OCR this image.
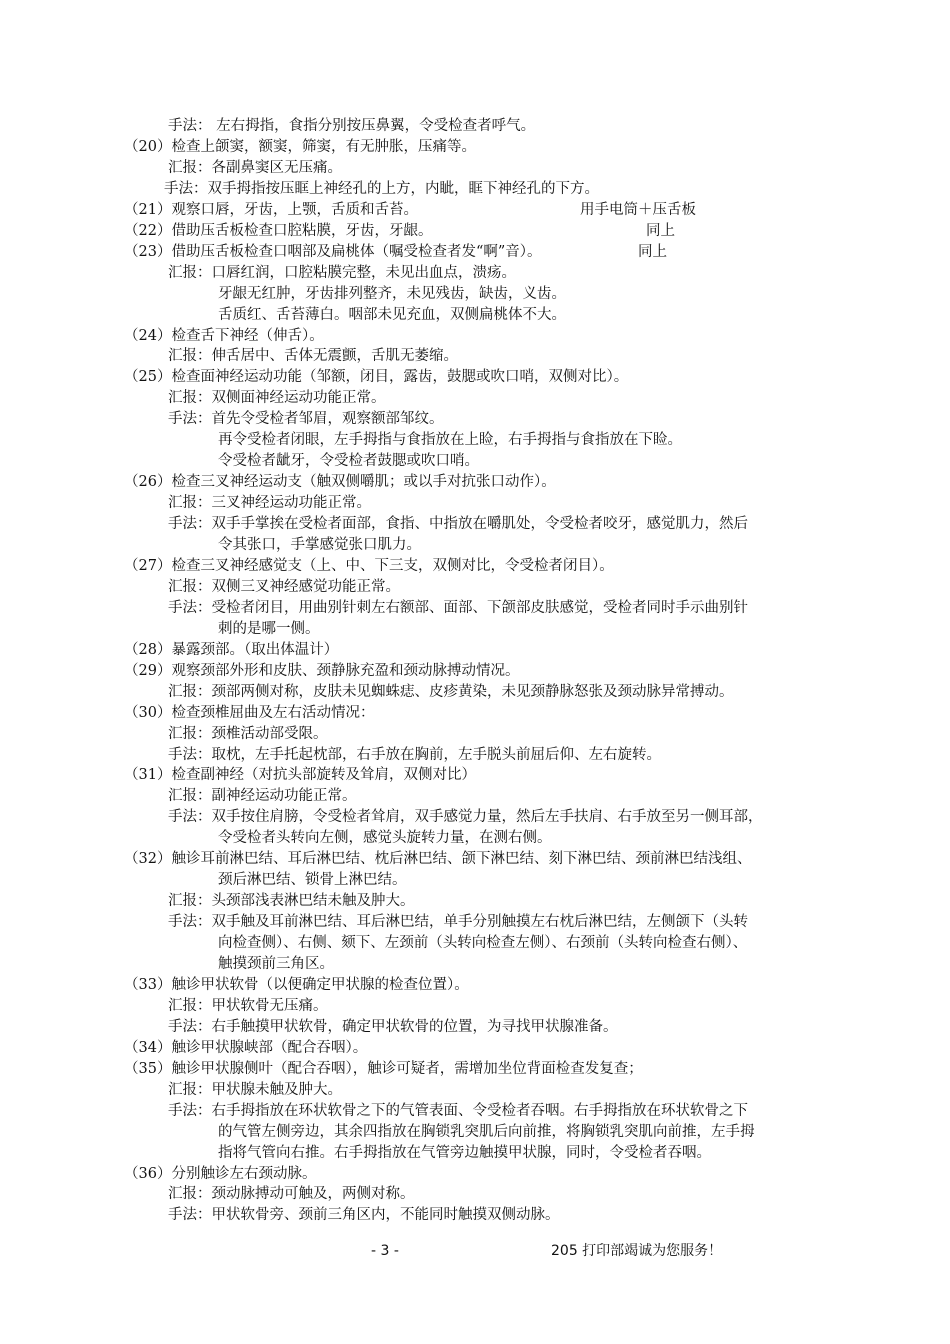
手法： 左右拇指，食指分别按压鼻翼，令受检查者呼气。
（20）检查上颌窦，额窦，筛窦，有无肿胀，压痛等。
汇报：各副鼻窦区无压痛。
手法：双手拇指按压眶上神经孔的上方，内眦，眶下神经孔的下方。
（21）观察口唇，牙齿，上颚，舌质和舌苔。	用手电筒＋压舌板
（22）借助压舌板检查口腔粘膜，牙齿，牙龈。	同上
（23）借助压舌板检查口咽部及扁桃体（嘱受检查者发“啊”音）。	同上
汇报：口唇红润，口腔粘膜完整，未见出血点，溃疡。
牙龈无红肿，牙齿排列整齐，未见残齿，缺齿，义齿。
舌质红、舌苔薄白。咽部未见充血，双侧扁桃体不大。
（24）检查舌下神经（伸舌）。
汇报：伸舌居中、舌体无震颤，舌肌无萎缩。
（25）检查面神经运动功能（邹额，闭目，露齿，鼓腮或吹口哨，双侧对比）。
汇报：双侧面神经运动功能正常。
手法：首先令受检者邹眉，观察额部邹纹。
再令受检者闭眼，左手拇指与食指放在上睑，右手拇指与食指放在下睑。
令受检者龇牙，令受检者鼓腮或吹口哨。
（26）检查三叉神经运动支（触双侧嚼肌；或以手对抗张口动作）。
汇报：三叉神经运动功能正常。
手法：双手手掌挨在受检者面部，食指、中指放在嚼肌处，令受检者咬牙，感觉肌力，然后
令其张口，手掌感觉张口肌力。
（27）检查三叉神经感觉支（上、中、下三支，双侧对比，令受检者闭目）。
汇报：双侧三叉神经感觉功能正常。
手法：受检者闭目，用曲别针刺左右额部、面部、下颌部皮肤感觉，受检者同时手示曲别针
刺的是哪一侧。
（28）暴露颈部。（取出体温计）
（29）观察颈部外形和皮肤、颈静脉充盈和颈动脉搏动情况。
汇报：颈部两侧对称，皮肤未见蜘蛛痣、皮疹黄染，未见颈静脉怒张及颈动脉异常搏动。
（30）检查颈椎屈曲及左右活动情况：
汇报：颈椎活动部受限。
手法：取枕，左手托起枕部，右手放在胸前，左手脱头前屈后仰、左右旋转。
（31）检查副神经（对抗头部旋转及耸肩，双侧对比）
汇报：副神经运动功能正常。
手法：双手按住肩膀，令受检者耸肩，双手感觉力量，然后左手扶肩、右手放至另一侧耳部，
令受检者头转向左侧，感觉头旋转力量，在测右侧。
（32）触诊耳前淋巴结、耳后淋巴结、枕后淋巴结、颌下淋巴结、刻下淋巴结、颈前淋巴结浅组、
颈后淋巴结、锁骨上淋巴结。
汇报：头颈部浅表淋巴结未触及肿大。
手法：双手触及耳前淋巴结、耳后淋巴结，单手分别触摸左右枕后淋巴结，左侧颌下（头转
向检查侧）、右侧、颏下、左颈前（头转向检查左侧）、右颈前（头转向检查右侧）、
触摸颈前三角区。
（33）触诊甲状软骨（以便确定甲状腺的检查位置）。
汇报：甲状软骨无压痛。
手法：右手触摸甲状软骨，确定甲状软骨的位置，为寻找甲状腺准备。
（34）触诊甲状腺峡部（配合吞咽）。
（35）触诊甲状腺侧叶（配合吞咽），触诊可疑者，需增加坐位背面检查发复查；
汇报：甲状腺未触及肿大。
手法：右手拇指放在环状软骨之下的气管表面、令受检者吞咽。右手拇指放在环状软骨之下
的气管左侧旁边，其余四指放在胸锁乳突肌后向前推，将胸锁乳突肌向前推，左手拇
指将气管向右推。右手拇指放在气管旁边触摸甲状腺，同时，令受检者吞咽。
（36）分别触诊左右颈动脉。
汇报：颈动脉搏动可触及，两侧对称。
手法：甲状软骨旁、颈前三角区内，不能同时触摸双侧动脉。
- 3 -	205 打印部竭诚为您服务！
